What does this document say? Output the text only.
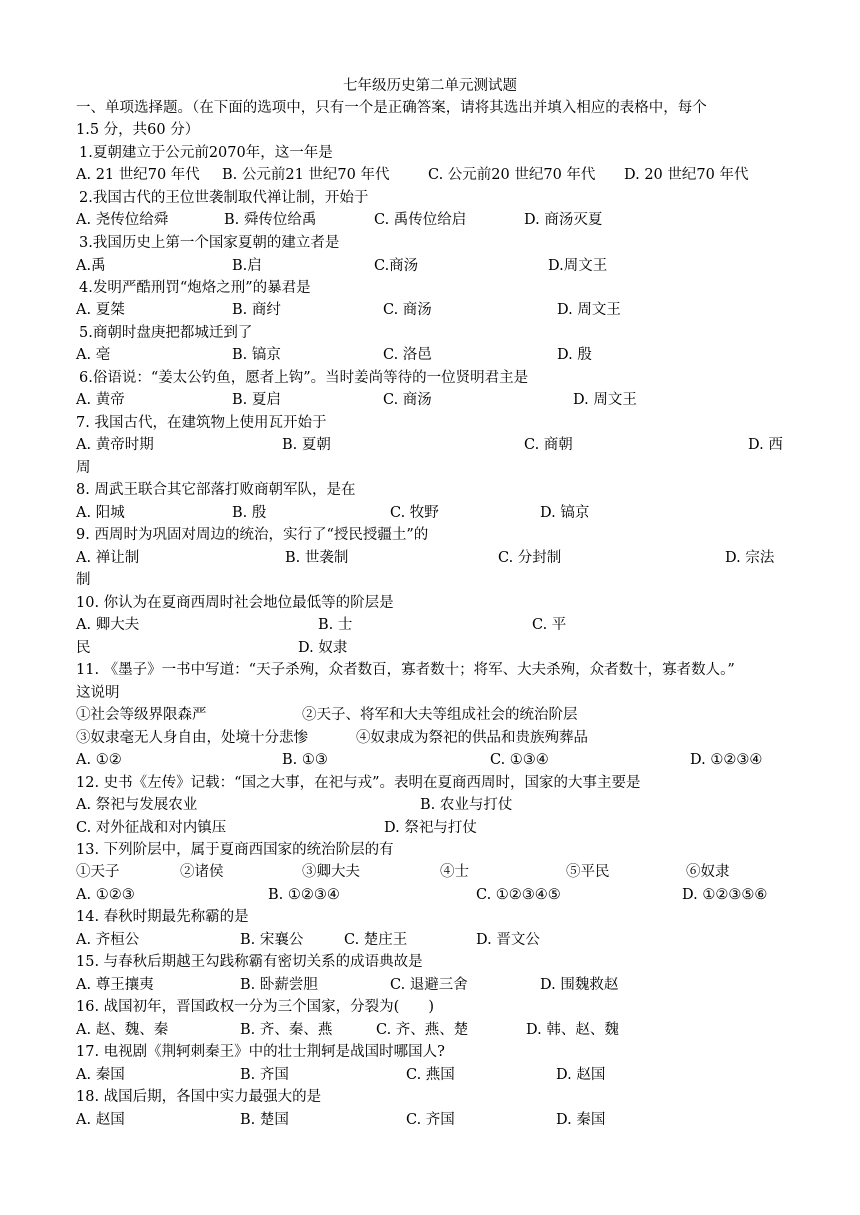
七年级历史第二单元测试题
一、单项选择题。（在下面的选项中，只有一个是正确答案，请将其选出并填入相应的表格中，每个
1.5 分，共60 分）
1.夏朝建立于公元前2070年，这一年是
A. 21 世纪70 年代 B. 公元前21 世纪70 年代	C. 公元前20 世纪70 年代 D. 20 世纪70 年代
2.我国古代的王位世袭制取代禅让制，开始于
A. 尧传位给舜	B. 舜传位给禹	C. 禹传位给启	D. 商汤灭夏
3.我国历史上第一个国家夏朝的建立者是
A.禹	B.启	C.商汤	D.周文王
4.发明严酷刑罚“炮烙之刑”的暴君是
A. 夏桀	B. 商纣	C. 商汤	D. 周文王
5.商朝时盘庚把都城迁到了
A. 亳	B. 镐京	C. 洛邑	D. 殷
6.俗语说：“姜太公钓鱼，愿者上钩”。当时姜尚等待的一位贤明君主是
A. 黄帝	B. 夏启	C. 商汤	D. 周文王
7. 我国古代，在建筑物上使用瓦开始于
A. 黄帝时期	B. 夏朝	C. 商朝	D. 西
周
8. 周武王联合其它部落打败商朝军队，是在
A. 阳城	B. 殷	C. 牧野	D. 镐京
9. 西周时为巩固对周边的统治，实行了“授民授疆土”的
A. 禅让制	B. 世袭制	C. 分封制	D. 宗法
制
10. 你认为在夏商西周时社会地位最低等的阶层是
A. 卿大夫	B. 士	C. 平
民	D. 奴隶
11. 《墨子》一书中写道：“天子杀殉，众者数百，寡者数十；将军、大夫杀殉，众者数十，寡者数人。”
这说明
①社会等级界限森严	②天子、将军和大夫等组成社会的统治阶层
③奴隶毫无人身自由，处境十分悲惨	④奴隶成为祭祀的供品和贵族殉葬品
A. ①②	B. ①③	C. ①③④	D. ①②③④
12. 史书《左传》记载：“国之大事，在祀与戎”。表明在夏商西周时，国家的大事主要是
A. 祭祀与发展农业	B. 农业与打仗
C. 对外征战和对内镇压	D. 祭祀与打仗
13. 下列阶层中，属于夏商西国家的统治阶层的有
①天子	②诸侯	③卿大夫	④士	⑤平民	⑥奴隶
A. ①②③	B. ①②③④	C. ①②③④⑤	D. ①②③⑤⑥
14. 春秋时期最先称霸的是
A. 齐桓公	B. 宋襄公	C. 楚庄王	D. 晋文公
15. 与春秋后期越王勾践称霸有密切关系的成语典故是
A. 尊王攘夷	B. 卧薪尝胆	C. 退避三舍	D. 围魏救赵
16. 战国初年，晋国政权一分为三个国家，分裂为(　　)
A. 赵、魏、秦	B. 齐、秦、燕	C. 齐、燕、楚	D. 韩、赵、魏
17. 电视剧《荆轲刺秦王》中的壮士荆轲是战国时哪国人?
A. 秦国	B. 齐国	C. 燕国	D. 赵国
18. 战国后期，各国中实力最强大的是
A. 赵国	B. 楚国	C. 齐国	D. 秦国
